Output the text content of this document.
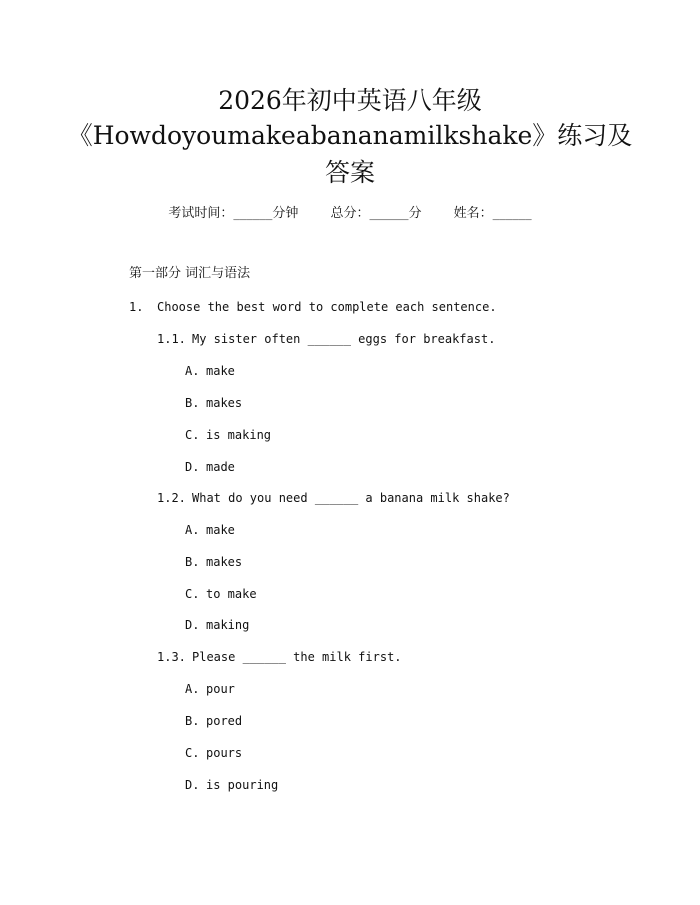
2026年初中英语八年级
《Howdoyoumakeabananamilkshake》练习及
答案
考试时间：______分钟 总分：______分 姓名：______
第一部分 词汇与语法
1. Choose the best word to complete each sentence.
1.1. My sister often ______ eggs for breakfast.
A. make
B. makes
C. is making
D. made
1.2. What do you need ______ a banana milk shake?
A. make
B. makes
C. to make
D. making
1.3. Please ______ the milk first.
A. pour
B. pored
C. pours
D. is pouring
